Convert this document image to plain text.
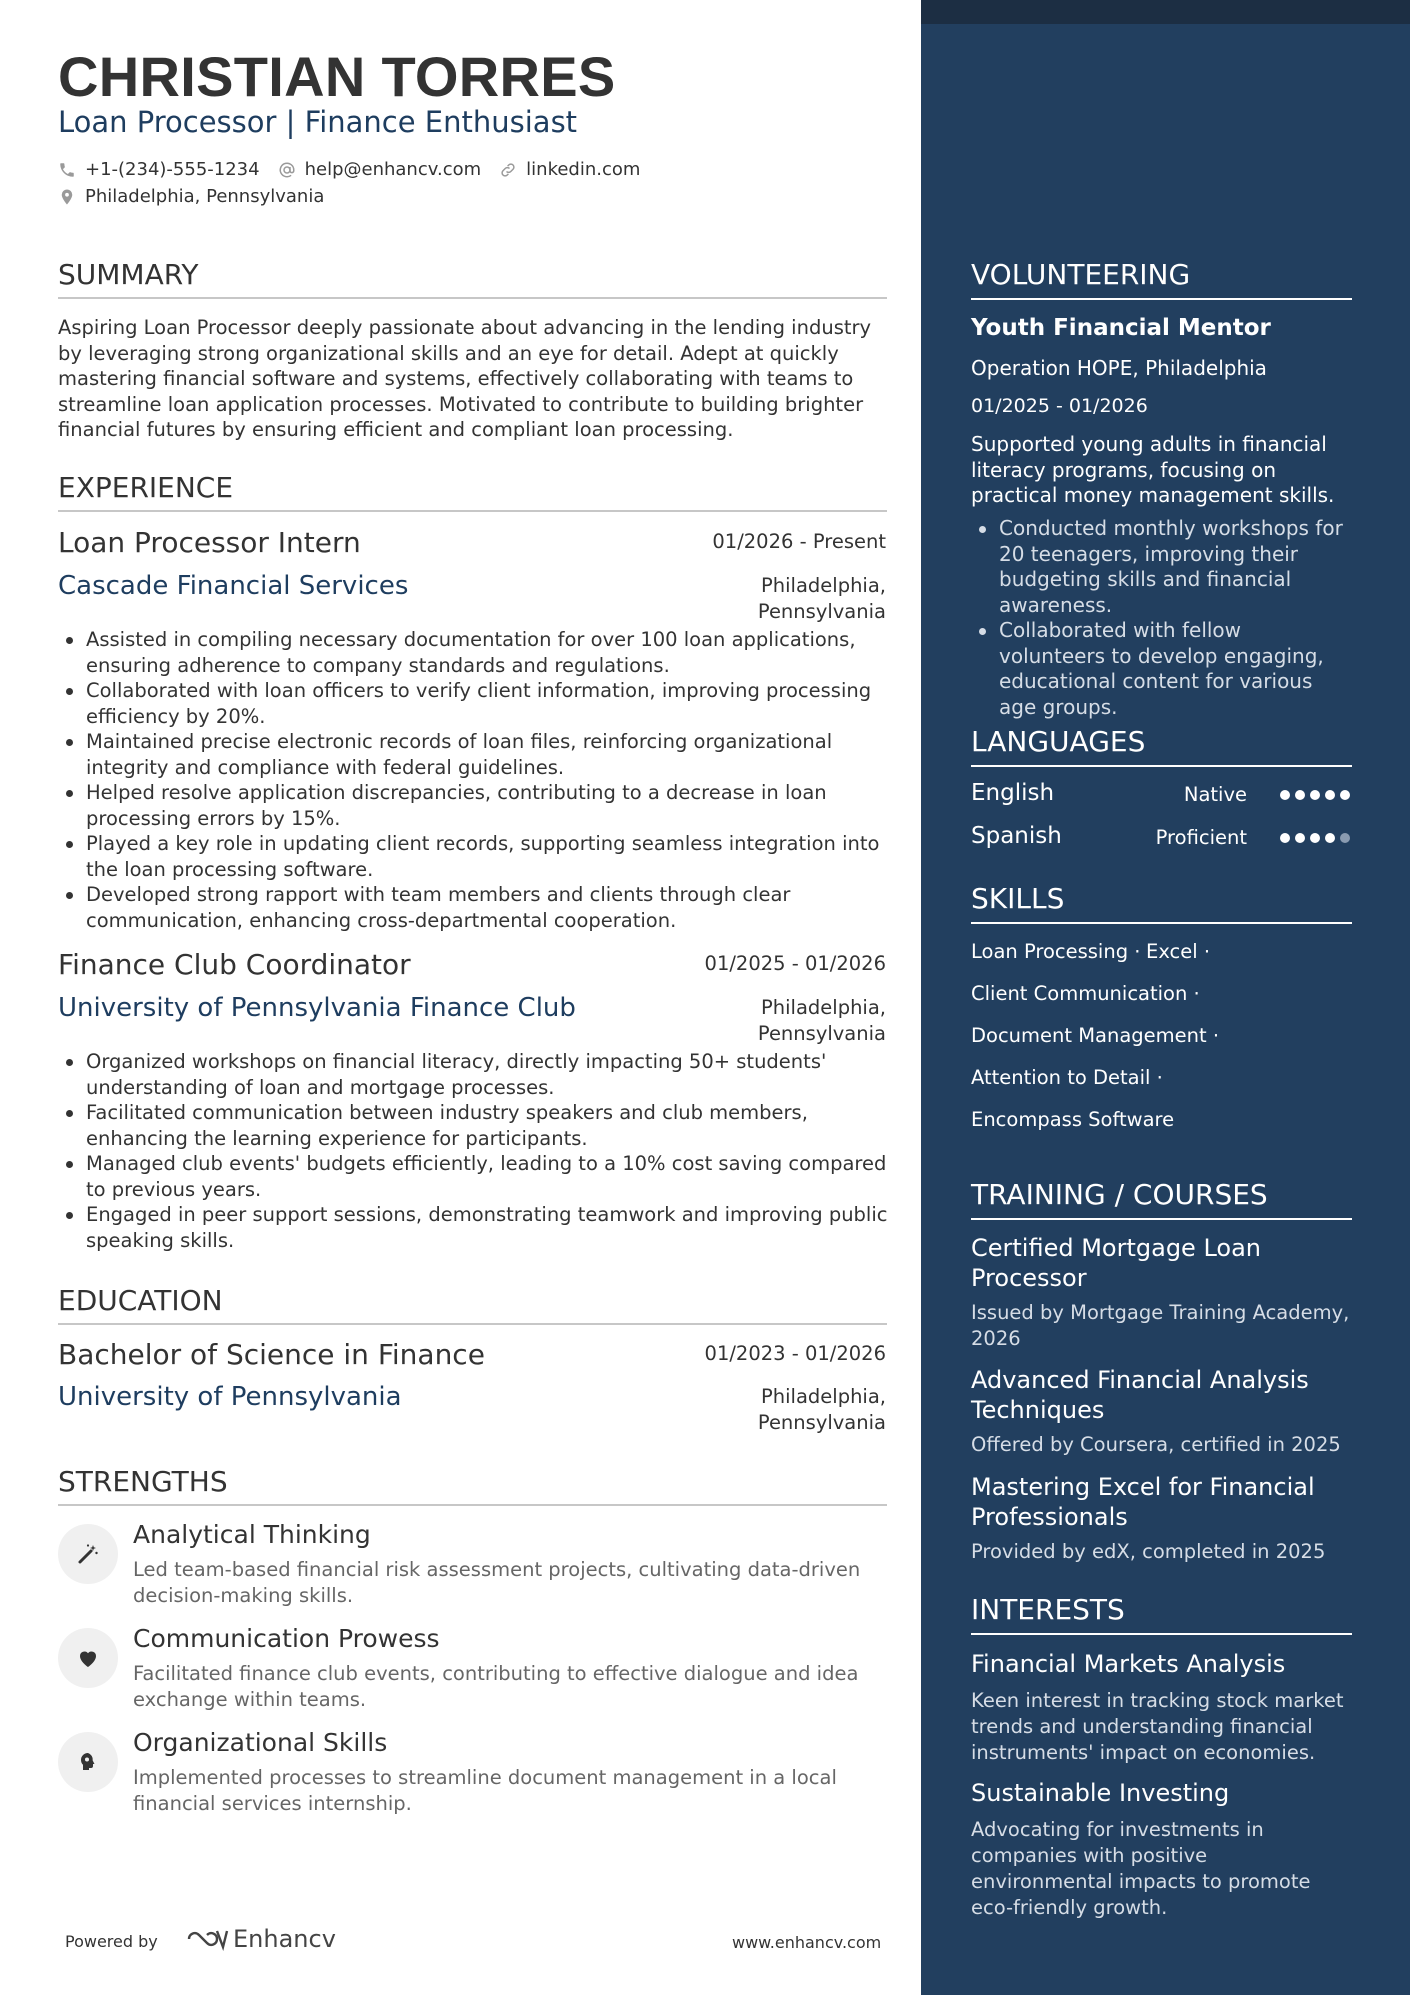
CHRISTIAN TORRES
Loan Processor | Finance Enthusiast
+1-(234)-555-1234	help@enhancv.com	linkedin.com
Philadelphia, Pennsylvania
SUMMARY
Aspiring Loan Processor deeply passionate about advancing in the lending industry by leveraging strong organizational skills and an eye for detail. Adept at quickly mastering financial software and systems, effectively collaborating with teams to streamline loan application processes. Motivated to contribute to building brighter financial futures by ensuring efficient and compliant loan processing.
EXPERIENCE
Loan Processor Intern	01/2026 - Present
Cascade Financial Services	Philadelphia,
Pennsylvania
Assisted in compiling necessary documentation for over 100 loan applications, ensuring adherence to company standards and regulations.
Collaborated with loan officers to verify client information, improving processing efficiency by 20%.
Maintained precise electronic records of loan files, reinforcing organizational integrity and compliance with federal guidelines.
Helped resolve application discrepancies, contributing to a decrease in loan processing errors by 15%.
Played a key role in updating client records, supporting seamless integration into the loan processing software.
Developed strong rapport with team members and clients through clear communication, enhancing cross-departmental cooperation.
Finance Club Coordinator	01/2025 - 01/2026
University of Pennsylvania Finance Club	Philadelphia,
Pennsylvania
Organized workshops on financial literacy, directly impacting 50+ students' understanding of loan and mortgage processes.
Facilitated communication between industry speakers and club members, enhancing the learning experience for participants.
Managed club events' budgets efficiently, leading to a 10% cost saving compared to previous years.
Engaged in peer support sessions, demonstrating teamwork and improving public speaking skills.
EDUCATION
Bachelor of Science in Finance	01/2023 - 01/2026
University of Pennsylvania	Philadelphia,
Pennsylvania
STRENGTHS
Analytical Thinking
Led team-based financial risk assessment projects, cultivating data-driven decision-making skills.
Communication Prowess
Facilitated finance club events, contributing to effective dialogue and idea exchange within teams.
Organizational Skills
Implemented processes to streamline document management in a local financial services internship.
Powered by	Enhancv	www.enhancv.com
VOLUNTEERING
Youth Financial Mentor
Operation HOPE, Philadelphia
01/2025 - 01/2026
Supported young adults in financial literacy programs, focusing on practical money management skills.
Conducted monthly workshops for 20 teenagers, improving their budgeting skills and financial awareness.
Collaborated with fellow volunteers to develop engaging, educational content for various age groups.
LANGUAGES
English	Native
Spanish	Proficient
SKILLS
Loan Processing · Excel ·
Client Communication ·
Document Management ·
Attention to Detail ·
Encompass Software
TRAINING / COURSES
Certified Mortgage Loan Processor
Issued by Mortgage Training Academy, 2026
Advanced Financial Analysis Techniques
Offered by Coursera, certified in 2025
Mastering Excel for Financial Professionals
Provided by edX, completed in 2025
INTERESTS
Financial Markets Analysis
Keen interest in tracking stock market trends and understanding financial instruments' impact on economies.
Sustainable Investing
Advocating for investments in companies with positive environmental impacts to promote eco-friendly growth.
